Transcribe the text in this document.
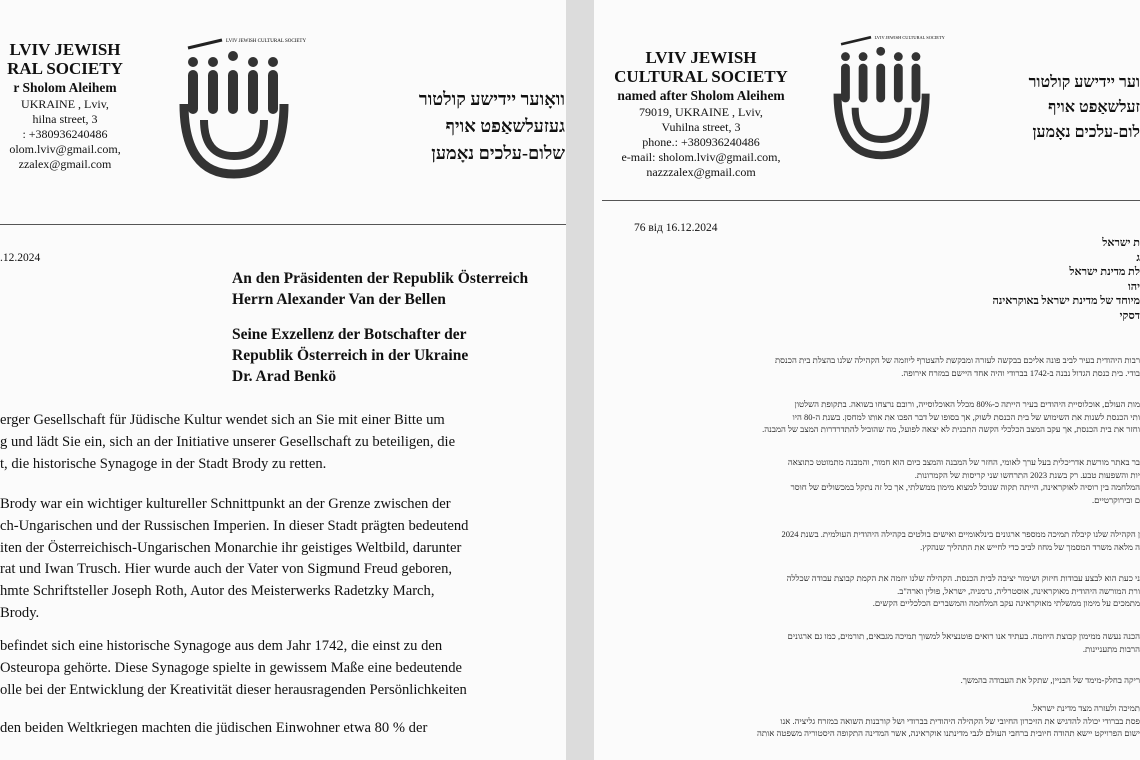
LVIV JEWISH
RAL SOCIETY
r Sholom Aleihem
UKRAINE , Lviv,
hilna street, 3
: +380936240486
olom.lviv@gmail.com,
zzalex@gmail.com
LVIV JEWISH CULTURAL SOCIETY
וואָוער יידישע קולטור
געזעלשאַפט אויף
שלום-עלכים נאָמען
.12.2024
An den Präsidenten der Republik Österreich
Herrn Alexander Van der Bellen
Seine Exzellenz der Botschafter der
Republik Österreich in der Ukraine
Dr. Arad Benkö
erger Gesellschaft für Jüdische Kultur wendet sich an Sie mit einer Bitte um
g und lädt Sie ein, sich an der Initiative unserer Gesellschaft zu beteiligen, die
t, die historische Synagoge in der Stadt Brody zu retten.
Brody war ein wichtiger kultureller Schnittpunkt an der Grenze zwischen der
ch-Ungarischen und der Russischen Imperien. In dieser Stadt prägten bedeutend
iten der Österreichisch-Ungarischen Monarchie ihr geistiges Weltbild, darunter
rat und Iwan Trusch. Hier wurde auch der Vater von Sigmund Freud geboren,
hmte Schriftsteller Joseph Roth, Autor des Meisterwerks Radetzky March,
Brody.
befindet sich eine historische Synagoge aus dem Jahr 1742, die einst zu den
Osteuropa gehörte. Diese Synagoge spielte in gewissem Maße eine bedeutende
olle bei der Entwicklung der Kreativität dieser herausragenden Persönlichkeiten
den beiden Weltkriegen machten die jüdischen Einwohner etwa 80 % der
LVIV JEWISH
CULTURAL SOCIETY
named after Sholom Aleihem
79019, UKRAINE , Lviv,
Vuhilna street, 3
phone.: +380936240486
e-mail: sholom.lviv@gmail.com,
nazzzalex@gmail.com
LVIV JEWISH CULTURAL SOCIETY
וער יידישע קולטור
זעלשאַפט אויף
לום-עלכים נאָמען
76 від 16.12.2024
ת ישראל
ג
לת מדינת ישראל
יהו
מיוחד של מדינת ישראל באוקראינה
דסקי
רבות היהודית בעיר לביב פונה אליכם בבקשה לעזרה ומבקשת להצטרף ליוזמה של הקהילה שלנו בהצלת בית הכנסת
בודי. בית כנסת הגדול נבנה ב-1742 בברודי והיה אחד היישם במזרח אירופה.
מות העולם, אוכלוסיית היהודים בעיר הייתה כ-80% מכלל האוכלוסייה, ורובם נרצחו בשואה. בתקופת השלטון
ותי הכנסת לשנות את השימוש של בית הכנסת לשוק, אך בסופו של דבר הפכו את אותו למחסן. בשנת ה-80 היו
וחזר את בית הכנסת, אך עקב המצב הכלכלי הקשה התכנית לא יצאה לפועל, מה שהוביל להתדרדרות המצב של המבנה.
בר באתר מורשת אדריכלית בעל ערך לאומי, החזר של המבנה והמצב כיום הוא חמור, והמבנה מתמוטט כתוצאה
יות והשפעות טבע. רק בשנת 2023 התרחשו שני קריסות של הקמרונות.
המלחמה בין רוסיה לאוקראינה, הייתה תקוה שנוכל למצוא מימון ממשלתי, אך כל זה נתקל במכשולים של חוסר
ם ובירוקרטיים.
ן הקהילה שלנו קיבלה תמיכה ממספר ארגונים בינלאומיים ואישים בולטים בקהילה היהודית העולמית. בשנת 2024
ה מלאה משרד המסמך של מחוז לביב כדי לחייש את התהליך שנהקץ.
ני כעת הוא לבצע עבודות חיזוק ושימור יציבה לבית הכנסת. הקהילה שלנו יוזמה את הקמת קבוצת עבודה שכללה
ורת המורשה היהודית מאוקראינה, אוסטרליה, גרמניה, ישראל, פולין וארה"ב.
מתמכים על מימון ממשלתי מאוקראינה עקב המלחמה והמשברים הכלכליים הקשים.
הכנה נעשה ממימון קבוצת היוזמה. בעתיד אנו רואים פוטנציאל למשוך תמיכה מגבאים, תורמים, כמו גם ארגונים
הרבות מתעניינות.
ריקה בחלק-מימד של הבניין, שתקל את העבודה בהמשך.
תמיכה ולעזרה מצד מדינת ישראל.
פסת בברודי יכולה להדגיש את הזיכרון החיובי של הקהילה היהודית בברודי ושל קורבנות השואה במזרח גליציה. אנו
ישום הפרויקט יישא תהודה חיובית ברחבי העולם לגבי מדינתנו אוקראינה, אשר המדינה התקופה היסטוריה משפטה אותה
